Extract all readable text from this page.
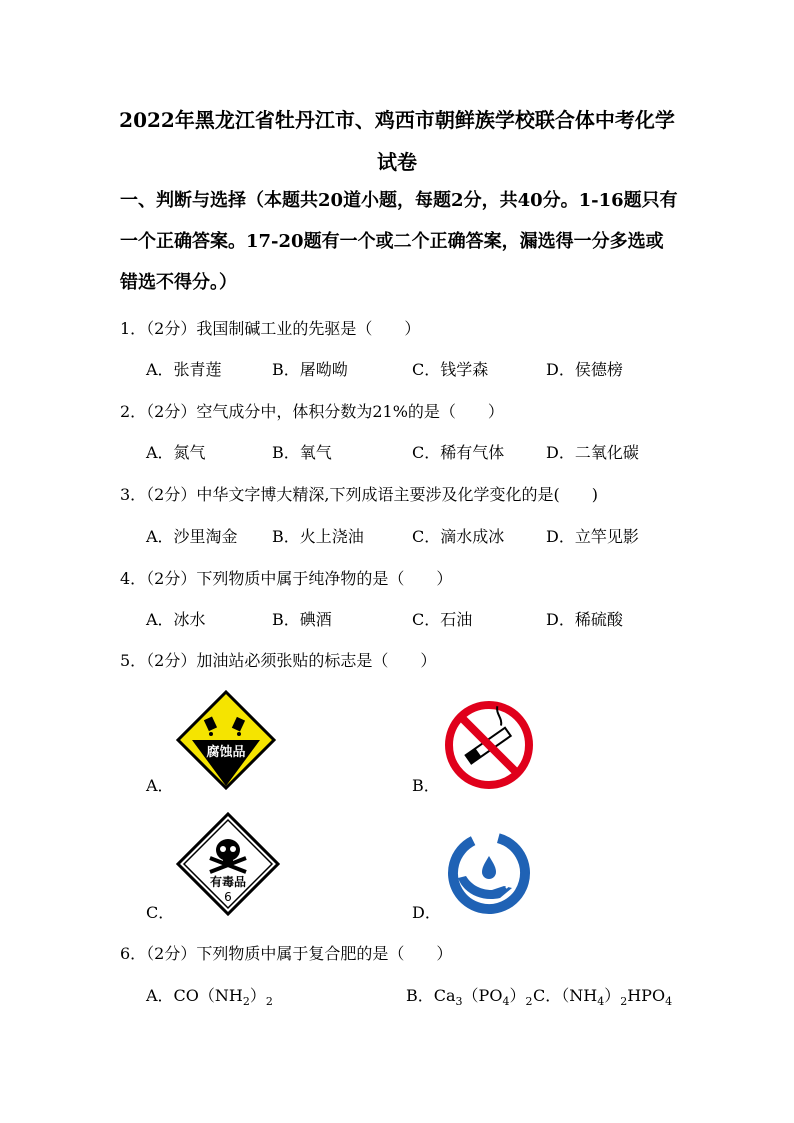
2022年黑龙江省牡丹江市、鸡西市朝鲜族学校联合体中考化学
试卷
一、判断与选择（本题共20道小题，每题2分，共40分。1-16题只有一个正确答案。17-20题有一个或二个正确答案，漏选得一分多选或错选不得分。）
1．（2分）我国制碱工业的先驱是（　　）
A．张青莲	B．屠呦呦	C．钱学森	D．侯德榜
2．（2分）空气成分中，体积分数为21%的是（　　）
A．氮气	B．氧气	C．稀有气体	D．二氧化碳
3．（2分）中华文字博大精深,下列成语主要涉及化学变化的是(　　)
A．沙里淘金 B．火上浇油	C．滴水成冰	D．立竿见影
4．（2分）下列物质中属于纯净物的是（　　）
A．冰水	B．碘酒	C．石油	D．稀硫酸
5．（2分）加油站必须张贴的标志是（　　）
腐蚀品
A．	B．
有毒品
6
C．	D．
6．（2分）下列物质中属于复合肥的是（　　）
A．$CO(NH_2)_2$	B．$Ca_3(PO_4)_2$ C．$(NH_4)_2HPO_4$
